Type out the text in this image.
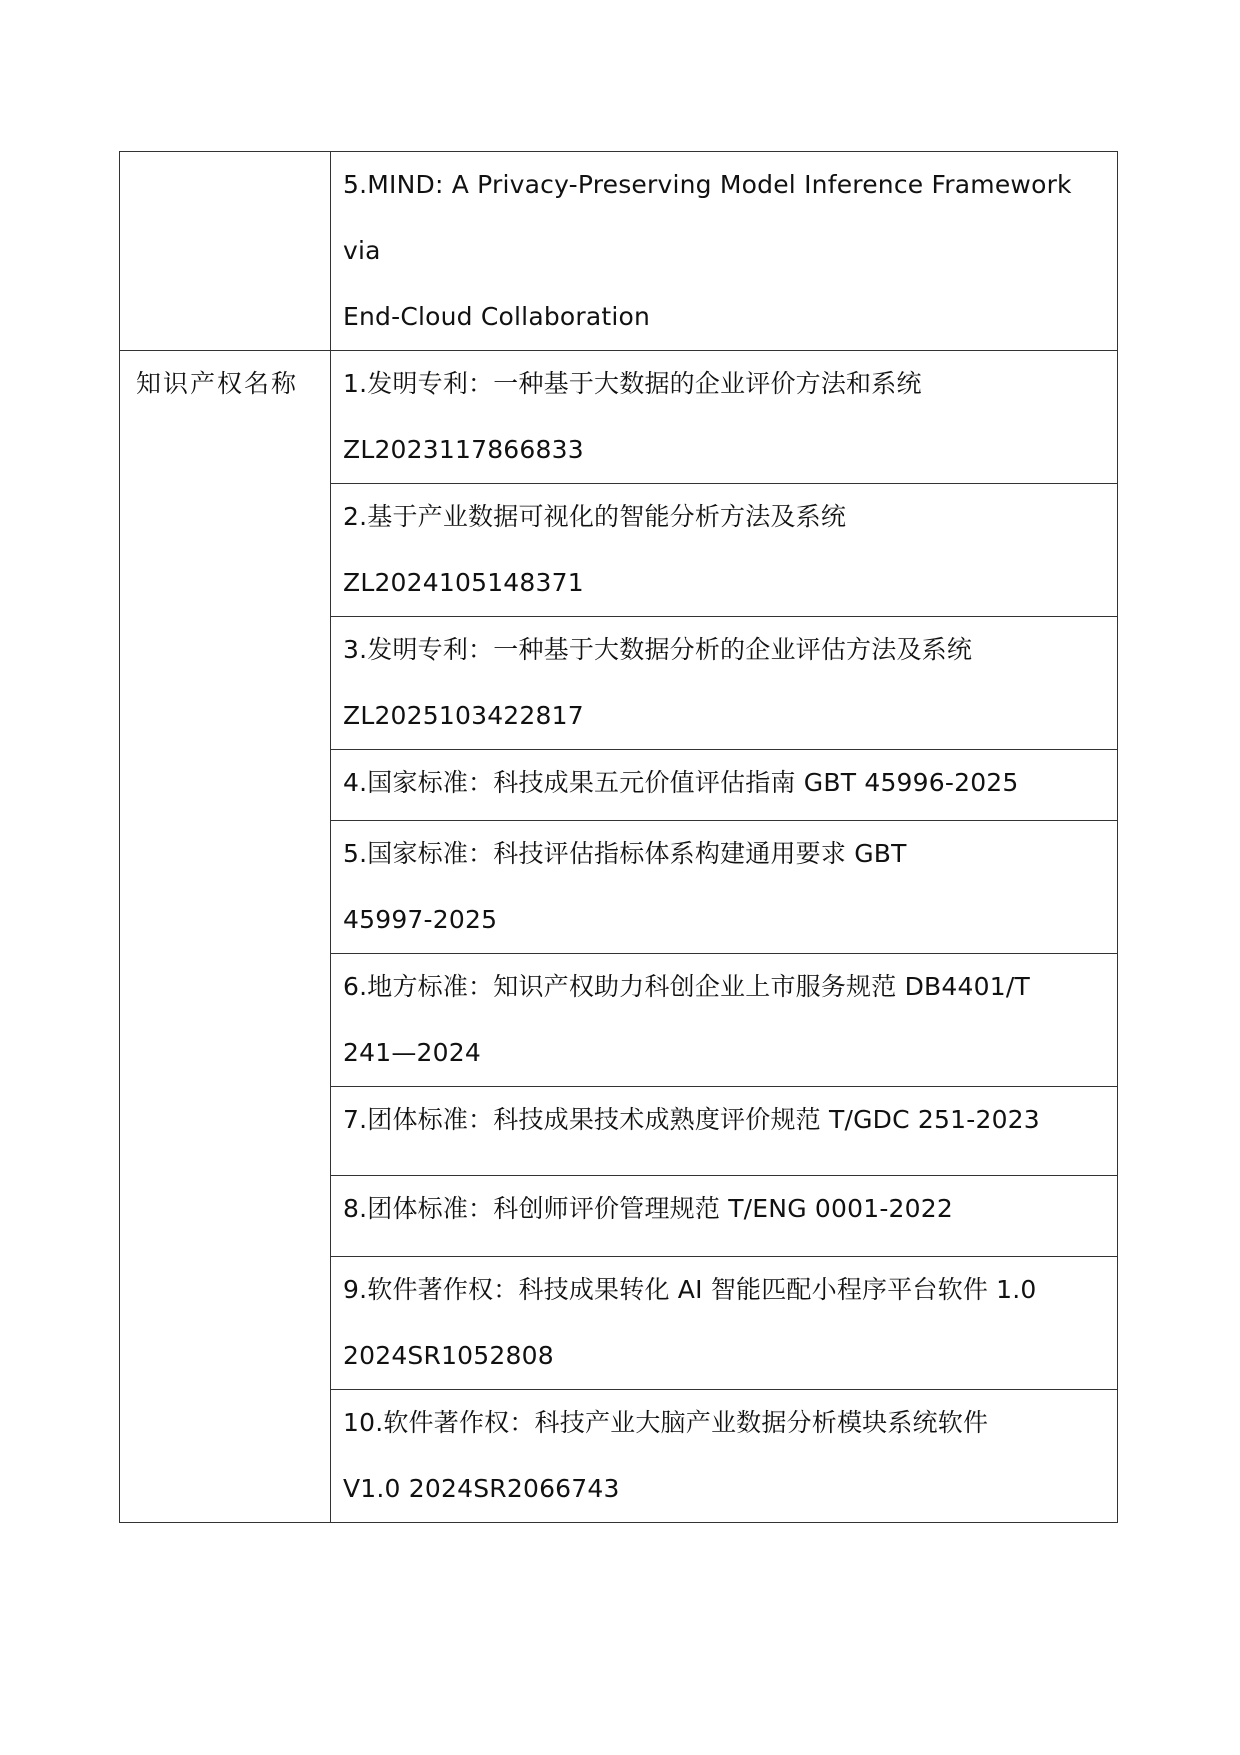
	5.MIND: A Privacy-Preserving Model Inference Framework via
End-Cloud Collaboration

知识产权名称	1.发明专利：一种基于大数据的企业评价方法和系统
ZL2023117866833

	2.基于产业数据可视化的智能分析方法及系统
ZL2024105148371

	3.发明专利：一种基于大数据分析的企业评估方法及系统
ZL2025103422817

	4.国家标准：科技成果五元价值评估指南 GBT 45996-2025

	5.国家标准：科技评估指标体系构建通用要求 GBT
45997-2025

	6.地方标准：知识产权助力科创企业上市服务规范 DB4401/T
241—2024

	7.团体标准：科技成果技术成熟度评价规范 T/GDC 251-2023

	8.团体标准：科创师评价管理规范 T/ENG 0001-2022

	9.软件著作权：科技成果转化 AI 智能匹配小程序平台软件 1.0
2024SR1052808

	10.软件著作权：科技产业大脑产业数据分析模块系统软件
V1.0 2024SR2066743
